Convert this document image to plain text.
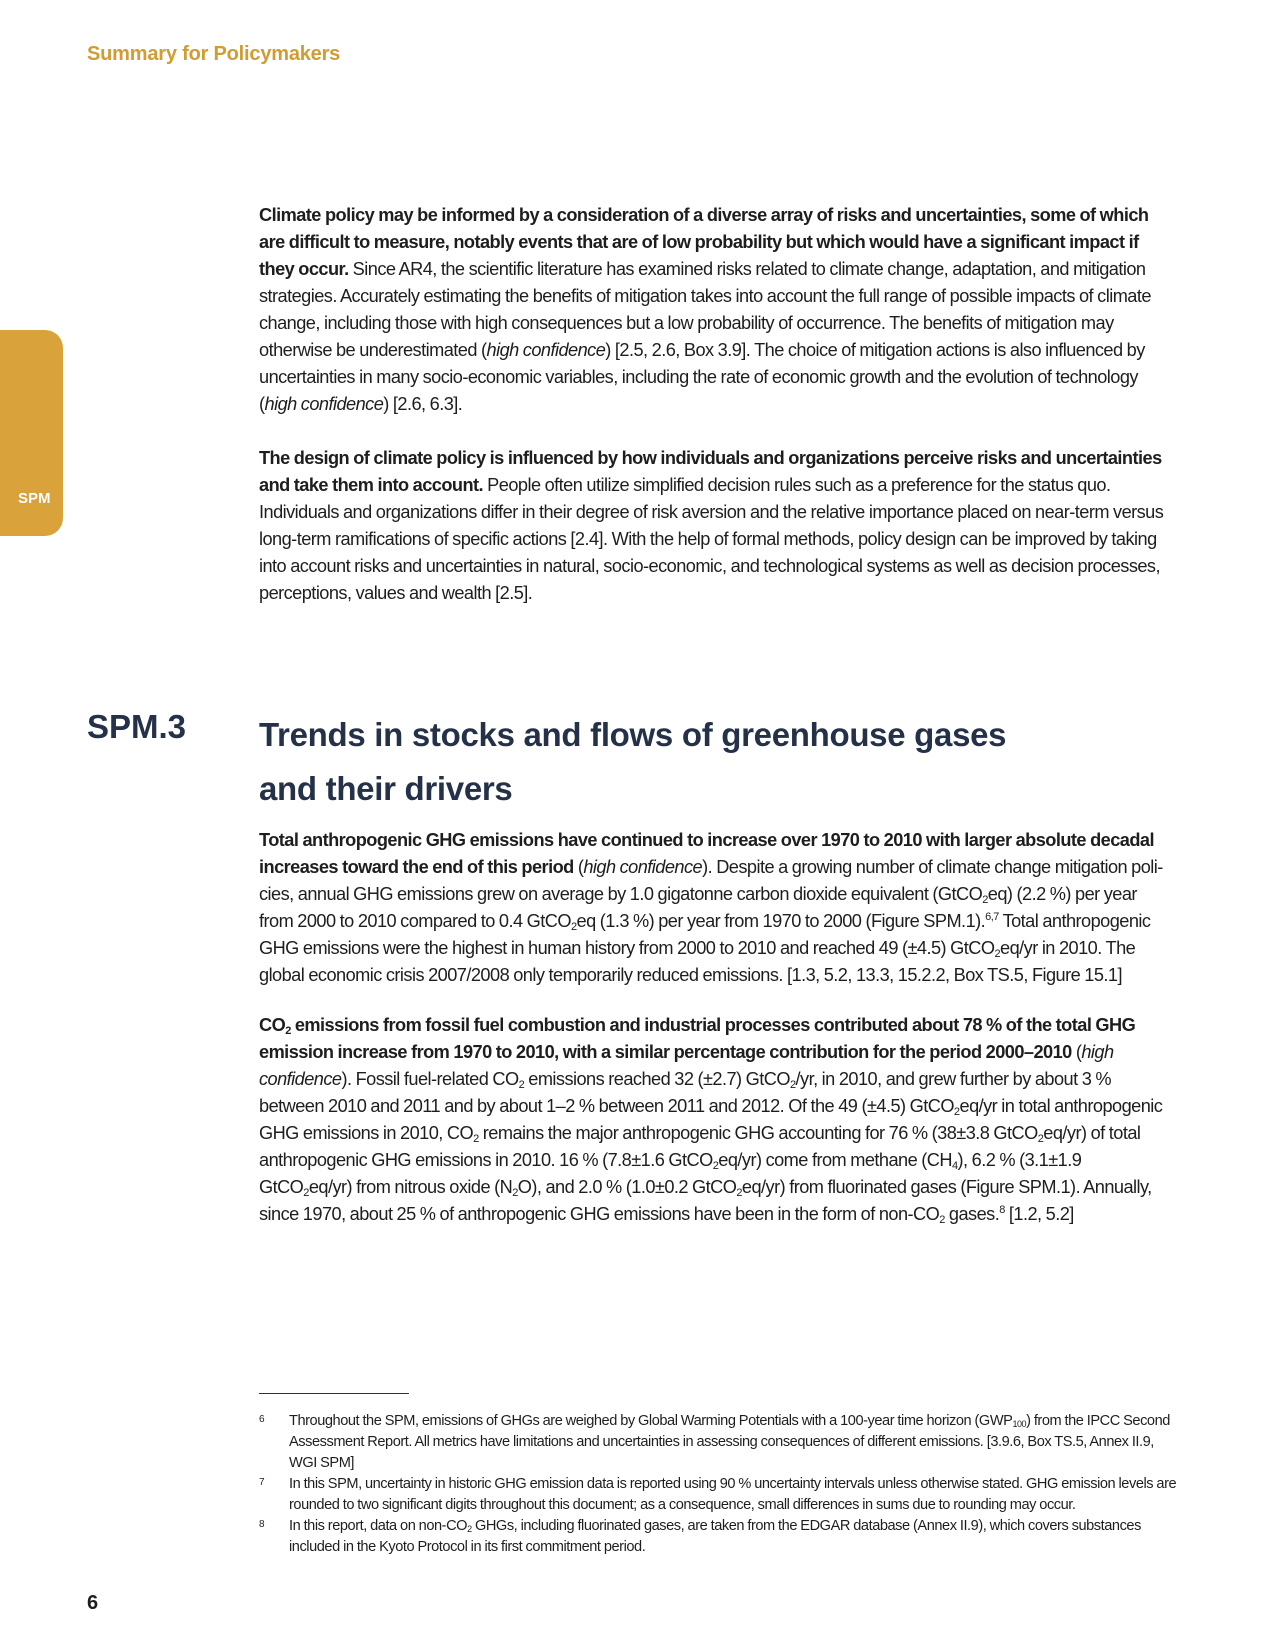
Summary for Policymakers
SPM

Climate policy may be informed by a consideration of a diverse array of risks and uncertainties, some of which are difficult to measure, notably events that are of low probability but which would have a significant impact if they occur. Since AR4, the scientific literature has examined risks related to climate change, adaptation, and mitigation strategies. Accurately estimating the benefits of mitigation takes into account the full range of possible impacts of climate change, including those with high consequences but a low probability of occurrence. The benefits of mitigation may otherwise be underestimated (high confidence) [2.5, 2.6, Box 3.9]. The choice of mitigation actions is also influenced by uncertainties in many socio-economic variables, including the rate of economic growth and the evolution of technology (high confidence) [2.6, 6.3].

The design of climate policy is influenced by how individuals and organizations perceive risks and uncertainties and take them into account. People often utilize simplified decision rules such as a preference for the status quo. Individuals and organizations differ in their degree of risk aversion and the relative importance placed on near-term versus long-term ramifications of specific actions [2.4]. With the help of formal methods, policy design can be improved by taking into account risks and uncertainties in natural, socio-economic, and technological systems as well as decision processes, perceptions, values and wealth [2.5].

SPM.3 Trends in stocks and flows of greenhouse gases
and their drivers

Total anthropogenic GHG emissions have continued to increase over 1970 to 2010 with larger absolute decadal increases toward the end of this period (high confidence). Despite a growing number of climate change mitigation policies, annual GHG emissions grew on average by 1.0 gigatonne carbon dioxide equivalent (GtCO$_2$eq) (2.2 %) per year from 2000 to 2010 compared to 0.4 GtCO$_2$eq (1.3 %) per year from 1970 to 2000 (Figure SPM.1).$^{6,7}$ Total anthropogenic GHG emissions were the highest in human history from 2000 to 2010 and reached 49 (±4.5) GtCO$_2$eq/yr in 2010. The global economic crisis 2007/2008 only temporarily reduced emissions. [1.3, 5.2, 13.3, 15.2.2, Box TS.5, Figure 15.1]

$CO_2$ emissions from fossil fuel combustion and industrial processes contributed about 78 % of the total GHG emission increase from 1970 to 2010, with a similar percentage contribution for the period 2000–2010 (high confidence). Fossil fuel-related $CO_2$ emissions reached 32 (±2.7) GtCO$_2$/yr, in 2010, and grew further by about 3 % between 2010 and 2011 and by about 1–2 % between 2011 and 2012. Of the 49 (±4.5) GtCO$_2$eq/yr in total anthropogenic GHG emissions in 2010, $CO_2$ remains the major anthropogenic GHG accounting for 76 % (38±3.8 GtCO$_2$eq/yr) of total anthropogenic GHG emissions in 2010. 16 % (7.8±1.6 GtCO$_2$eq/yr) come from methane $(CH_4)$, 6.2 % (3.1±1.9 GtCO$_2$eq/yr) from nitrous oxide $(N_2O)$, and 2.0 % (1.0±0.2 GtCO$_2$eq/yr) from fluorinated gases (Figure SPM.1). Annually, since 1970, about 25 % of anthropogenic GHG emissions have been in the form of non-$CO_2$ gases.$^8$ [1.2, 5.2]

6 Throughout the SPM, emissions of GHGs are weighed by Global Warming Potentials with a 100-year time horizon $(GWP_{100})$ from the IPCC Second Assessment Report. All metrics have limitations and uncertainties in assessing consequences of different emissions. [3.9.6, Box TS.5, Annex II.9, WGI SPM]
7 In this SPM, uncertainty in historic GHG emission data is reported using 90 % uncertainty intervals unless otherwise stated. GHG emission levels are rounded to two significant digits throughout this document; as a consequence, small differences in sums due to rounding may occur.
8 In this report, data on non-$CO_2$ GHGs, including fluorinated gases, are taken from the EDGAR database (Annex II.9), which covers substances included in the Kyoto Protocol in its first commitment period.
6
